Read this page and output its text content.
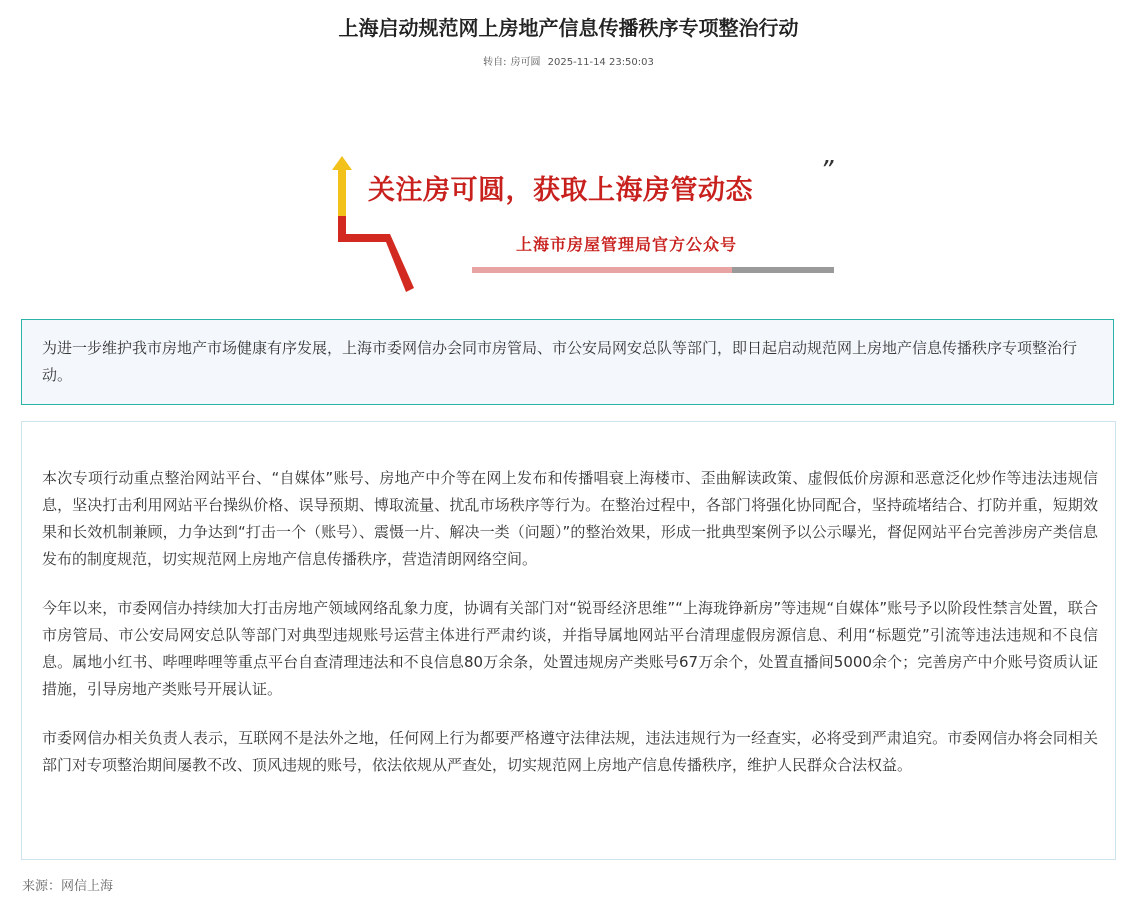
上海启动规范网上房地产信息传播秩序专项整治行动
转自: 房可圆 2025-11-14 23:50:03
关注房可圆，获取上海房管动态
”
上海市房屋管理局官方公众号

为进一步维护我市房地产市场健康有序发展，上海市委网信办会同市房管局、市公安局网安总队等部门，即日起启动规范网上房地产信息传播秩序专项整治行动。

本次专项行动重点整治网站平台、“自媒体”账号、房地产中介等在网上发布和传播唱衰上海楼市、歪曲解读政策、虚假低价房源和恶意泛化炒作等违法违规信息，坚决打击利用网站平台操纵价格、误导预期、博取流量、扰乱市场秩序等行为。在整治过程中，各部门将强化协同配合，坚持疏堵结合、打防并重，短期效果和长效机制兼顾，力争达到“打击一个（账号）、震慑一片、解决一类（问题）”的整治效果，形成一批典型案例予以公示曝光，督促网站平台完善涉房产类信息发布的制度规范，切实规范网上房地产信息传播秩序，营造清朗网络空间。

今年以来，市委网信办持续加大打击房地产领域网络乱象力度，协调有关部门对“锐哥经济思维”“上海珑铮新房”等违规“自媒体”账号予以阶段性禁言处置，联合市房管局、市公安局网安总队等部门对典型违规账号运营主体进行严肃约谈，并指导属地网站平台清理虚假房源信息、利用“标题党”引流等违法违规和不良信息。属地小红书、哔哩哔哩等重点平台自查清理违法和不良信息80万余条，处置违规房产类账号67万余个，处置直播间5000余个；完善房产中介账号资质认证措施，引导房地产类账号开展认证。

市委网信办相关负责人表示，互联网不是法外之地，任何网上行为都要严格遵守法律法规，违法违规行为一经查实，必将受到严肃追究。市委网信办将会同相关部门对专项整治期间屡教不改、顶风违规的账号，依法依规从严查处，切实规范网上房地产信息传播秩序，维护人民群众合法权益。

来源：网信上海
